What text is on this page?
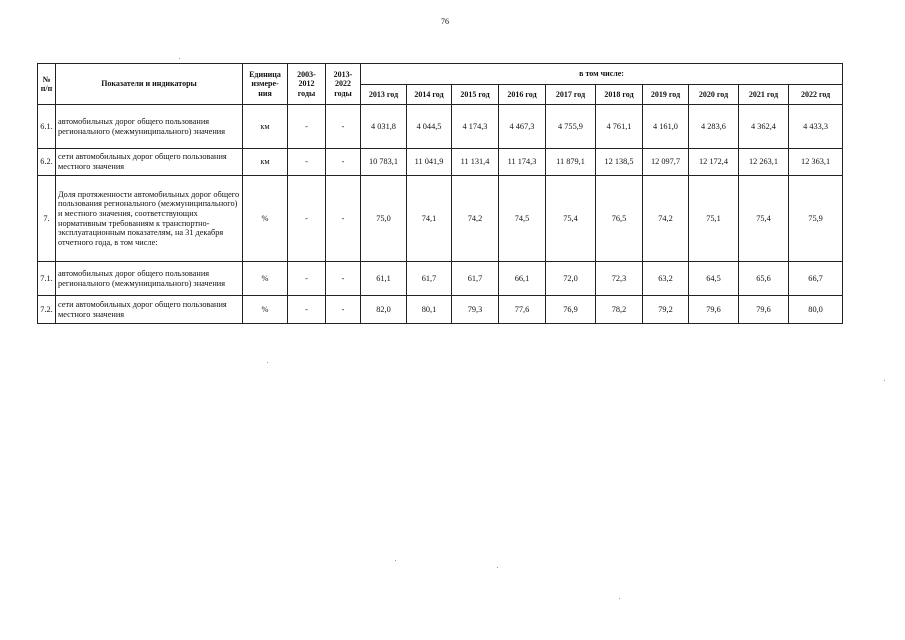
76
№ п/п	Показатели и индикаторы	Единица измере-ния	2003-2012 годы	2013-2022 годы	в том числе:									
					2013 год	2014 год	2015 год	2016 год	2017 год	2018 год	2019 год	2020 год	2021 год	2022 год
6.1.	автомобильных дорог общего пользования регионального (межмуниципального) значения	км	-	-	4 031,8	4 044,5	4 174,3	4 467,3	4 755,9	4 761,1	4 161,0	4 283,6	4 362,4	4 433,3
6.2.	сети автомобильных дорог общего пользования местного значения	км	-	-	10 783,1	11 041,9	11 131,4	11 174,3	11 879,1	12 138,5	12 097,7	12 172,4	12 263,1	12 363,1
7.	Доля протяженности автомобильных дорог общего пользования регионального (межмуниципального) и местного значения, соответствующих нормативным требованиям к транспортно-эксплуатационным показателям, на 31 декабря отчетного года, в том числе:	%	-	-	75,0	74,1	74,2	74,5	75,4	76,5	74,2	75,1	75,4	75,9
7.1.	автомобильных дорог общего пользования регионального (межмуниципального) значения	%	-	-	61,1	61,7	61,7	66,1	72,0	72,3	63,2	64,5	65,6	66,7
7.2.	сети автомобильных дорог общего пользования местного значения	%	-	-	82,0	80,1	79,3	77,6	76,9	78,2	79,2	79,6	79,6	80,0
